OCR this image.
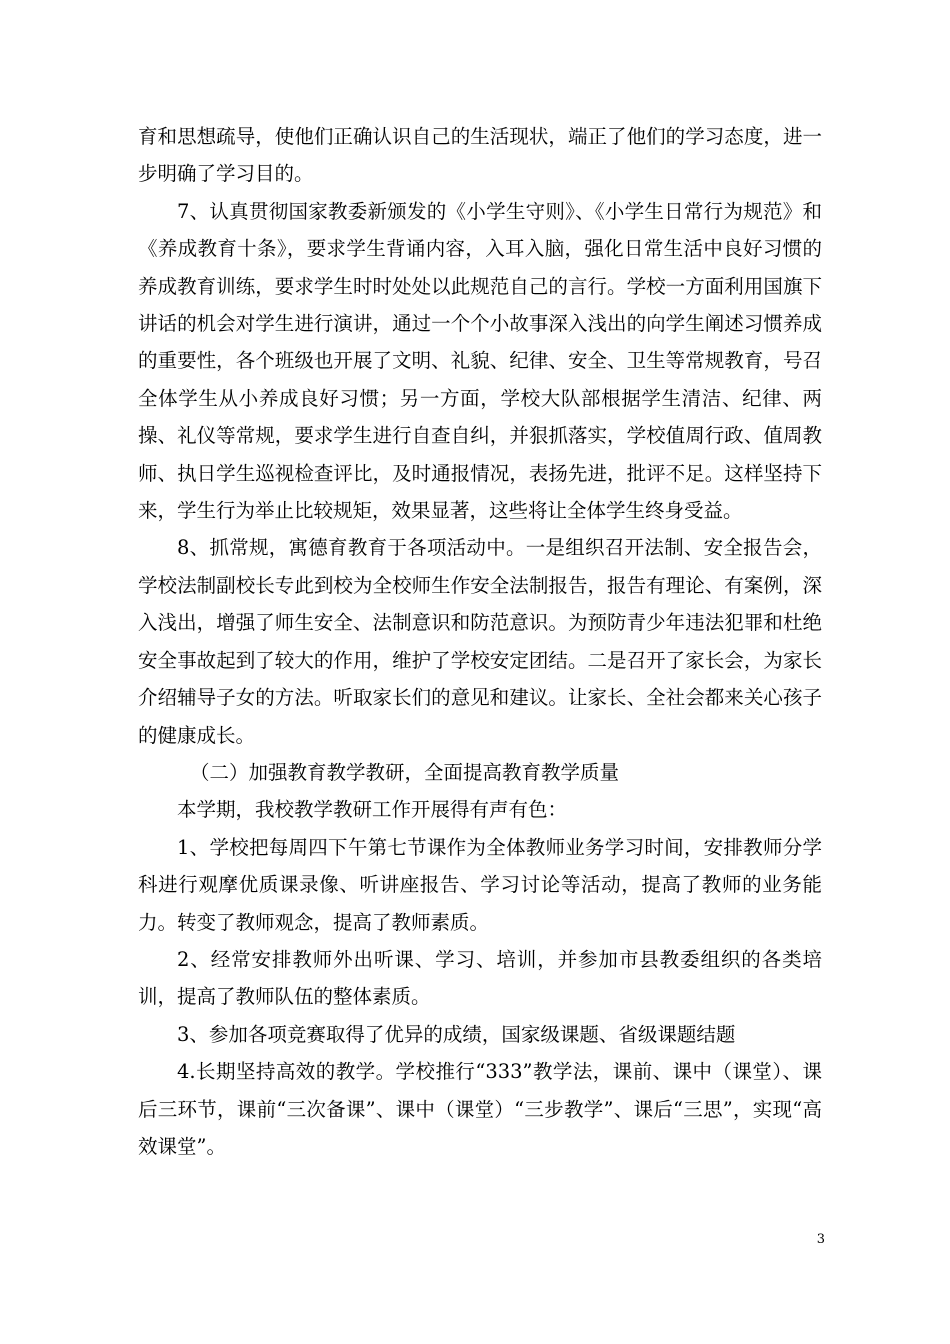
育和思想疏导，使他们正确认识自己的生活现状，端正了他们的学习态度，进一步明确了学习目的。

7、认真贯彻国家教委新颁发的《小学生守则》、《小学生日常行为规范》和《养成教育十条》，要求学生背诵内容，入耳入脑，强化日常生活中良好习惯的养成教育训练，要求学生时时处处以此规范自己的言行。学校一方面利用国旗下讲话的机会对学生进行演讲，通过一个个小故事深入浅出的向学生阐述习惯养成的重要性，各个班级也开展了文明、礼貌、纪律、安全、卫生等常规教育，号召全体学生从小养成良好习惯；另一方面，学校大队部根据学生清洁、纪律、两操、礼仪等常规，要求学生进行自查自纠，并狠抓落实，学校值周行政、值周教师、执日学生巡视检查评比，及时通报情况，表扬先进，批评不足。这样坚持下来，学生行为举止比较规矩，效果显著，这些将让全体学生终身受益。

8、抓常规，寓德育教育于各项活动中。一是组织召开法制、安全报告会，学校法制副校长专此到校为全校师生作安全法制报告，报告有理论、有案例，深入浅出，增强了师生安全、法制意识和防范意识。为预防青少年违法犯罪和杜绝安全事故起到了较大的作用，维护了学校安定团结。二是召开了家长会，为家长介绍辅导子女的方法。听取家长们的意见和建议。让家长、全社会都来关心孩子的健康成长。

（二）加强教育教学教研，全面提高教育教学质量

本学期，我校教学教研工作开展得有声有色：

1、学校把每周四下午第七节课作为全体教师业务学习时间，安排教师分学科进行观摩优质课录像、听讲座报告、学习讨论等活动，提高了教师的业务能力。转变了教师观念，提高了教师素质。

2、经常安排教师外出听课、学习、培训，并参加市县教委组织的各类培训，提高了教师队伍的整体素质。

3、参加各项竞赛取得了优异的成绩，国家级课题、省级课题结题

4.长期坚持高效的教学。学校推行“333”教学法，课前、课中（课堂）、课后三环节，课前“三次备课”、课中（课堂）“三步教学”、课后“三思”，实现“高效课堂”。

3
